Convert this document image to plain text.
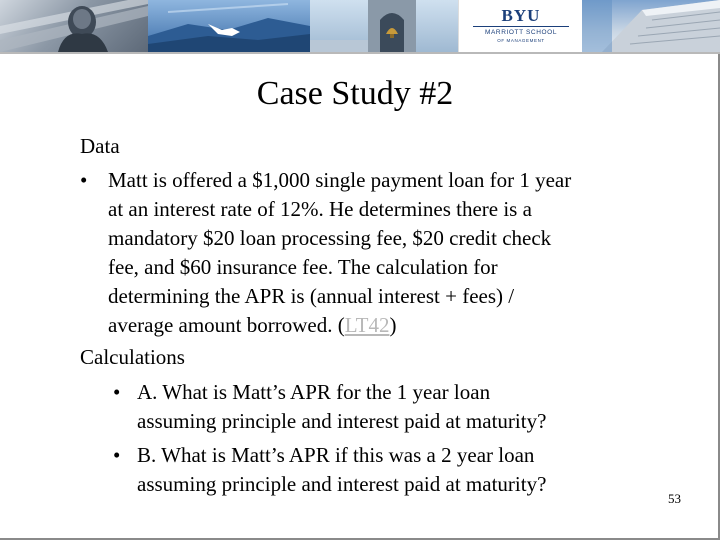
BYU
MARRIOTT SCHOOL
OF MANAGEMENT
Case Study #2
Data
• Matt is offered a $1,000 single payment loan for 1 year
at an interest rate of 12%. He determines there is a
mandatory $20 loan processing fee, $20 credit check
fee, and $60 insurance fee. The calculation for
determining the APR is (annual interest + fees) /
average amount borrowed. (LT42)
Calculations
• A. What is Matt’s APR for the 1 year loan
assuming principle and interest paid at maturity?
• B. What is Matt’s APR if this was a 2 year loan
assuming principle and interest paid at maturity?
53
